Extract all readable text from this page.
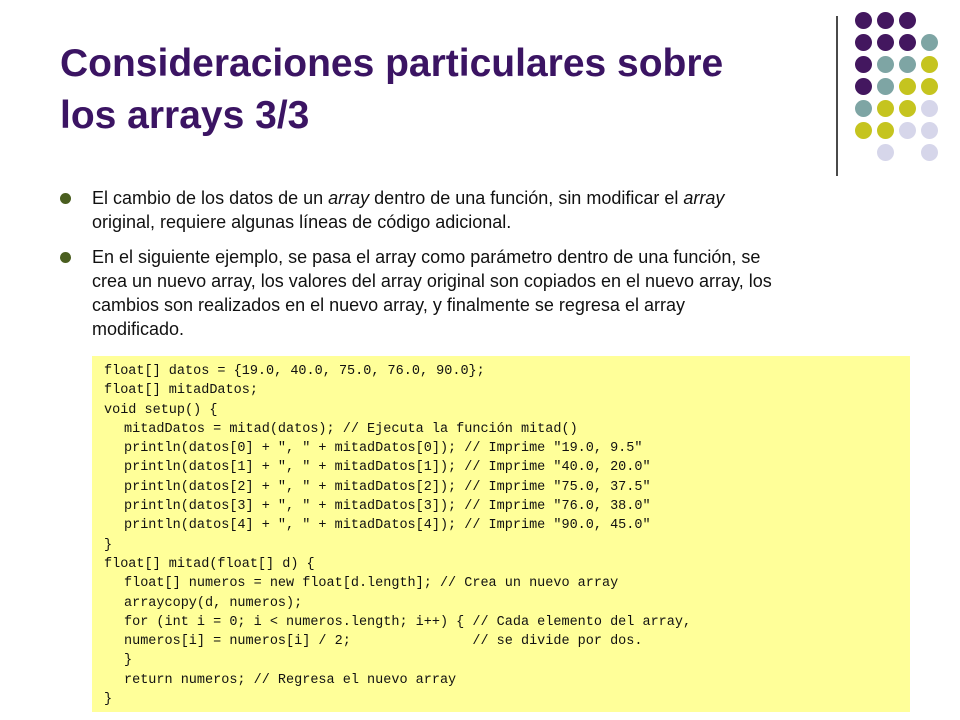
Consideraciones particulares sobre
los arrays 3/3
El cambio de los datos de un array dentro de una función, sin modificar el array
original, requiere algunas líneas de código adicional.
En el siguiente ejemplo, se pasa el array como parámetro dentro de una función, se
crea un nuevo array, los valores del array original son copiados en el nuevo array, los
cambios son realizados en el nuevo array, y finalmente se regresa el array
modificado.
float[] datos = {19.0, 40.0, 75.0, 76.0, 90.0};
float[] mitadDatos;
void setup() {
mitadDatos = mitad(datos); // Ejecuta la función mitad()
println(datos[0] + ", " + mitadDatos[0]); // Imprime "19.0, 9.5"
println(datos[1] + ", " + mitadDatos[1]); // Imprime "40.0, 20.0"
println(datos[2] + ", " + mitadDatos[2]); // Imprime "75.0, 37.5"
println(datos[3] + ", " + mitadDatos[3]); // Imprime "76.0, 38.0"
println(datos[4] + ", " + mitadDatos[4]); // Imprime "90.0, 45.0"
}
float[] mitad(float[] d) {
float[] numeros = new float[d.length]; // Crea un nuevo array
arraycopy(d, numeros);
for (int i = 0; i < numeros.length; i++) { // Cada elemento del array,
numeros[i] = numeros[i] / 2;               // se divide por dos.
}
return numeros; // Regresa el nuevo array
}
